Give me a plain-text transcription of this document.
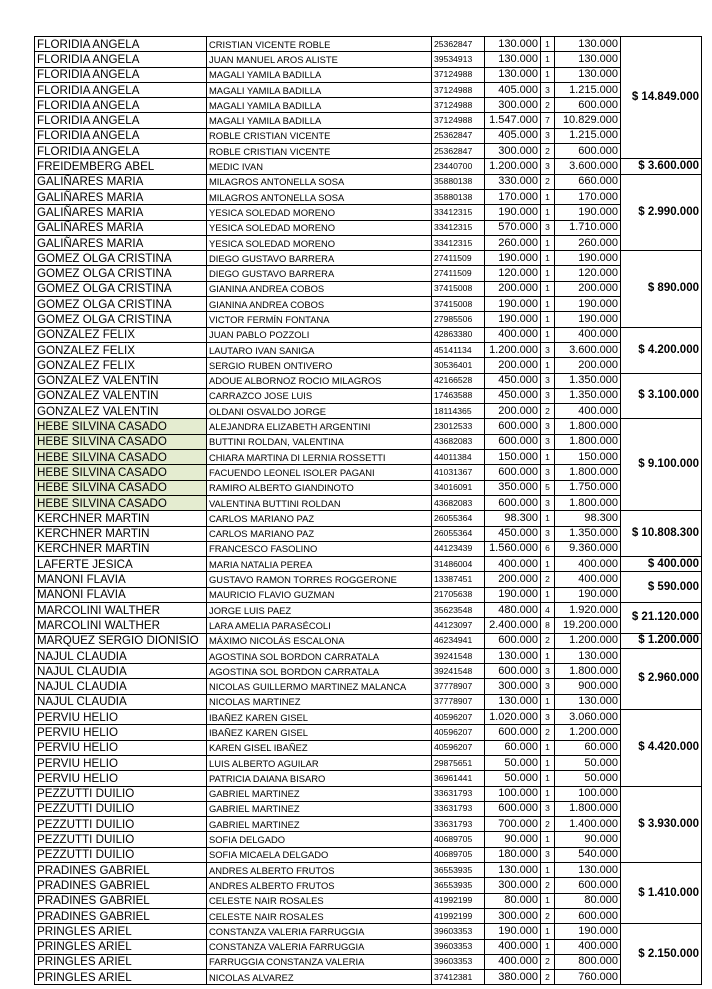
FLORIDIA ANGELA	CRISTIAN VICENTE ROBLE	25362847	130.000	1	130.000	$ 14.849.000
FLORIDIA ANGELA	JUAN MANUEL AROS ALISTE	39534913	130.000	1	130.000	
FLORIDIA ANGELA	MAGALI YAMILA BADILLA	37124988	130.000	1	130.000	
FLORIDIA ANGELA	MAGALI YAMILA BADILLA	37124988	405.000	3	1.215.000	
FLORIDIA ANGELA	MAGALI YAMILA BADILLA	37124988	300.000	2	600.000	
FLORIDIA ANGELA	MAGALI YAMILA BADILLA	37124988	1.547.000	7	10.829.000	
FLORIDIA ANGELA	ROBLE CRISTIAN VICENTE	25362847	405.000	3	1.215.000	
FLORIDIA ANGELA	ROBLE CRISTIAN VICENTE	25362847	300.000	2	600.000	
FREIDEMBERG ABEL	MEDIC IVAN	23440700	1.200.000	3	3.600.000	$ 3.600.000
GALIÑARES MARIA	MILAGROS ANTONELLA SOSA	35880138	330.000	2	660.000	$ 2.990.000
GALIÑARES MARIA	MILAGROS ANTONELLA SOSA	35880138	170.000	1	170.000	
GALIÑARES MARIA	YESICA SOLEDAD MORENO	33412315	190.000	1	190.000	
GALIÑARES MARIA	YESICA SOLEDAD MORENO	33412315	570.000	3	1.710.000	
GALIÑARES MARIA	YESICA SOLEDAD MORENO	33412315	260.000	1	260.000	
GOMEZ OLGA CRISTINA	DIEGO GUSTAVO BARRERA	27411509	190.000	1	190.000	$ 890.000
GOMEZ OLGA CRISTINA	DIEGO GUSTAVO BARRERA	27411509	120.000	1	120.000	
GOMEZ OLGA CRISTINA	GIANINA ANDREA COBOS	37415008	200.000	1	200.000	
GOMEZ OLGA CRISTINA	GIANINA ANDREA COBOS	37415008	190.000	1	190.000	
GOMEZ OLGA CRISTINA	VICTOR FERMÍN FONTANA	27985506	190.000	1	190.000	
GONZALEZ FELIX	JUAN PABLO POZZOLI	42863380	400.000	1	400.000	$ 4.200.000
GONZALEZ FELIX	LAUTARO IVAN SANIGA	45141134	1.200.000	3	3.600.000	
GONZALEZ FELIX	SERGIO RUBEN ONTIVERO	30536401	200.000	1	200.000	
GONZALEZ VALENTIN	ADOUE ALBORNOZ ROCIO MILAGROS	42166528	450.000	3	1.350.000	$ 3.100.000
GONZALEZ VALENTIN	CARRAZCO JOSE LUIS	17463588	450.000	3	1.350.000	
GONZALEZ VALENTIN	OLDANI OSVALDO JORGE	18114365	200.000	2	400.000	
HEBE SILVINA CASADO	ALEJANDRA ELIZABETH ARGENTINI	23012533	600.000	3	1.800.000	$ 9.100.000
HEBE SILVINA CASADO	BUTTINI ROLDAN, VALENTINA	43682083	600.000	3	1.800.000	
HEBE SILVINA CASADO	CHIARA MARTINA DI LERNIA ROSSETTI	44011384	150.000	1	150.000	
HEBE SILVINA CASADO	FACUENDO LEONEL ISOLER PAGANI	41031367	600.000	3	1.800.000	
HEBE SILVINA CASADO	RAMIRO ALBERTO GIANDINOTO	34016091	350.000	5	1.750.000	
HEBE SILVINA CASADO	VALENTINA BUTTINI ROLDAN	43682083	600.000	3	1.800.000	
KERCHNER MARTIN	CARLOS MARIANO PAZ	26055364	98.300	1	98.300	$ 10.808.300
KERCHNER MARTIN	CARLOS MARIANO PAZ	26055364	450.000	3	1.350.000	
KERCHNER MARTIN	FRANCESCO FASOLINO	44123439	1.560.000	6	9.360.000	
LAFERTE JESICA	MARIA NATALIA PEREA	31486004	400.000	1	400.000	$ 400.000
MANONI FLAVIA	GUSTAVO RAMON TORRES ROGGERONE	13387451	200.000	2	400.000	$ 590.000
MANONI FLAVIA	MAURICIO FLAVIO GUZMAN	21705638	190.000	1	190.000	
MARCOLINI WALTHER	JORGE LUIS PAEZ	35623548	480.000	4	1.920.000	$ 21.120.000
MARCOLINI WALTHER	LARA AMELIA PARASÉCOLI	44123097	2.400.000	8	19.200.000	
MARQUEZ SERGIO DIONISIO	MÁXIMO NICOLÁS ESCALONA	46234941	600.000	2	1.200.000	$ 1.200.000
NAJUL CLAUDIA	AGOSTINA SOL BORDON CARRATALA	39241548	130.000	1	130.000	$ 2.960.000
NAJUL CLAUDIA	AGOSTINA SOL BORDON CARRATALA	39241548	600.000	3	1.800.000	
NAJUL CLAUDIA	NICOLAS GUILLERMO MARTINEZ MALANCA	37778907	300.000	3	900.000	
NAJUL CLAUDIA	NICOLAS MARTINEZ	37778907	130.000	1	130.000	
PERVIU HELIO	IBAÑEZ KAREN GISEL	40596207	1.020.000	3	3.060.000	$ 4.420.000
PERVIU HELIO	IBAÑEZ KAREN GISEL	40596207	600.000	2	1.200.000	
PERVIU HELIO	KAREN GISEL IBAÑEZ	40596207	60.000	1	60.000	
PERVIU HELIO	LUIS ALBERTO AGUILAR	29875651	50.000	1	50.000	
PERVIU HELIO	PATRICIA DAIANA BISARO	36961441	50.000	1	50.000	
PEZZUTTI DUILIO	GABRIEL MARTINEZ	33631793	100.000	1	100.000	$ 3.930.000
PEZZUTTI DUILIO	GABRIEL MARTINEZ	33631793	600.000	3	1.800.000	
PEZZUTTI DUILIO	GABRIEL MARTINEZ	33631793	700.000	2	1.400.000	
PEZZUTTI DUILIO	SOFIA DELGADO	40689705	90.000	1	90.000	
PEZZUTTI DUILIO	SOFIA MICAELA DELGADO	40689705	180.000	3	540.000	
PRADINES GABRIEL	ANDRES ALBERTO FRUTOS	36553935	130.000	1	130.000	$ 1.410.000
PRADINES GABRIEL	ANDRES ALBERTO FRUTOS	36553935	300.000	2	600.000	
PRADINES GABRIEL	CELESTE NAIR ROSALES	41992199	80.000	1	80.000	
PRADINES GABRIEL	CELESTE NAIR ROSALES	41992199	300.000	2	600.000	
PRINGLES ARIEL	CONSTANZA VALERIA FARRUGGIA	39603353	190.000	1	190.000	$ 2.150.000
PRINGLES ARIEL	CONSTANZA VALERIA FARRUGGIA	39603353	400.000	1	400.000	
PRINGLES ARIEL	FARRUGGIA CONSTANZA VALERIA	39603353	400.000	2	800.000	
PRINGLES ARIEL	NICOLAS ALVAREZ	37412381	380.000	2	760.000	
